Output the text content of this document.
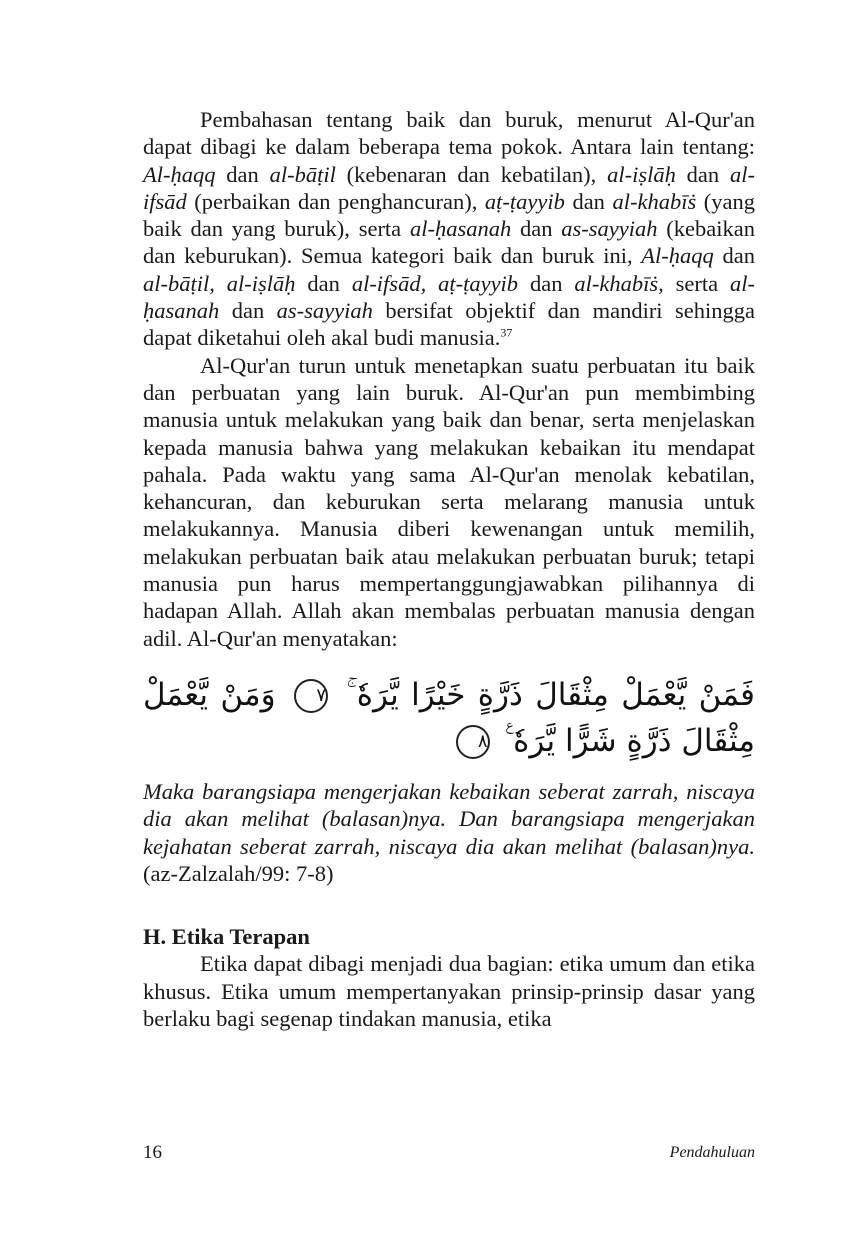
Pembahasan tentang baik dan buruk, menurut Al-Qur'an dapat dibagi ke dalam beberapa tema pokok. Antara lain tentang: Al-ḥaqq dan al-bāṭil (kebenaran dan kebatilan), al-iṣlāḥ dan al-ifsād (perbaikan dan penghancuran), aṭ-ṭayyib dan al-khabīṡ (yang baik dan yang buruk), serta al-ḥasanah dan as-sayyiah (kebaikan dan keburukan). Semua kategori baik dan buruk ini, Al-ḥaqq dan al-bāṭil, al-iṣlāḥ dan al-ifsād, aṭ-ṭayyib dan al-khabīṡ, serta al-ḥasanah dan as-sayyiah bersifat objektif dan mandiri sehingga dapat diketahui oleh akal budi manusia.$^{37}$

Al-Qur'an turun untuk menetapkan suatu perbuatan itu baik dan perbuatan yang lain buruk. Al-Qur'an pun membimbing manusia untuk melakukan yang baik dan benar, serta menjelaskan kepada manusia bahwa yang melakukan kebaikan itu mendapat pahala. Pada waktu yang sama Al-Qur'an menolak kebatilan, kehancuran, dan keburukan serta melarang manusia untuk melakukannya. Manusia diberi kewenangan untuk memilih, melakukan perbuatan baik atau melakukan perbuatan buruk; tetapi manusia pun harus mempertanggungjawabkan pilihannya di hadapan Allah. Allah akan membalas perbuatan manusia dengan adil. Al-Qur'an menyatakan:

فَمَنْ يَّعْمَلْ مِثْقَالَ ذَرَّةٍ خَيْرًا يَّرَهٗ ۚ ٧ وَمَنْ يَّعْمَلْ مِثْقَالَ ذَرَّةٍ شَرًّا يَّرَهٗ ࣖ ٨

Maka barangsiapa mengerjakan kebaikan seberat zarrah, niscaya dia akan melihat (balasan)nya. Dan barangsiapa mengerjakan kejahatan seberat zarrah, niscaya dia akan melihat (balasan)nya. (az-Zalzalah/99: 7-8)

H. Etika Terapan

Etika dapat dibagi menjadi dua bagian: etika umum dan etika khusus. Etika umum mempertanyakan prinsip-prinsip dasar yang berlaku bagi segenap tindakan manusia, etika

16	Pendahuluan
